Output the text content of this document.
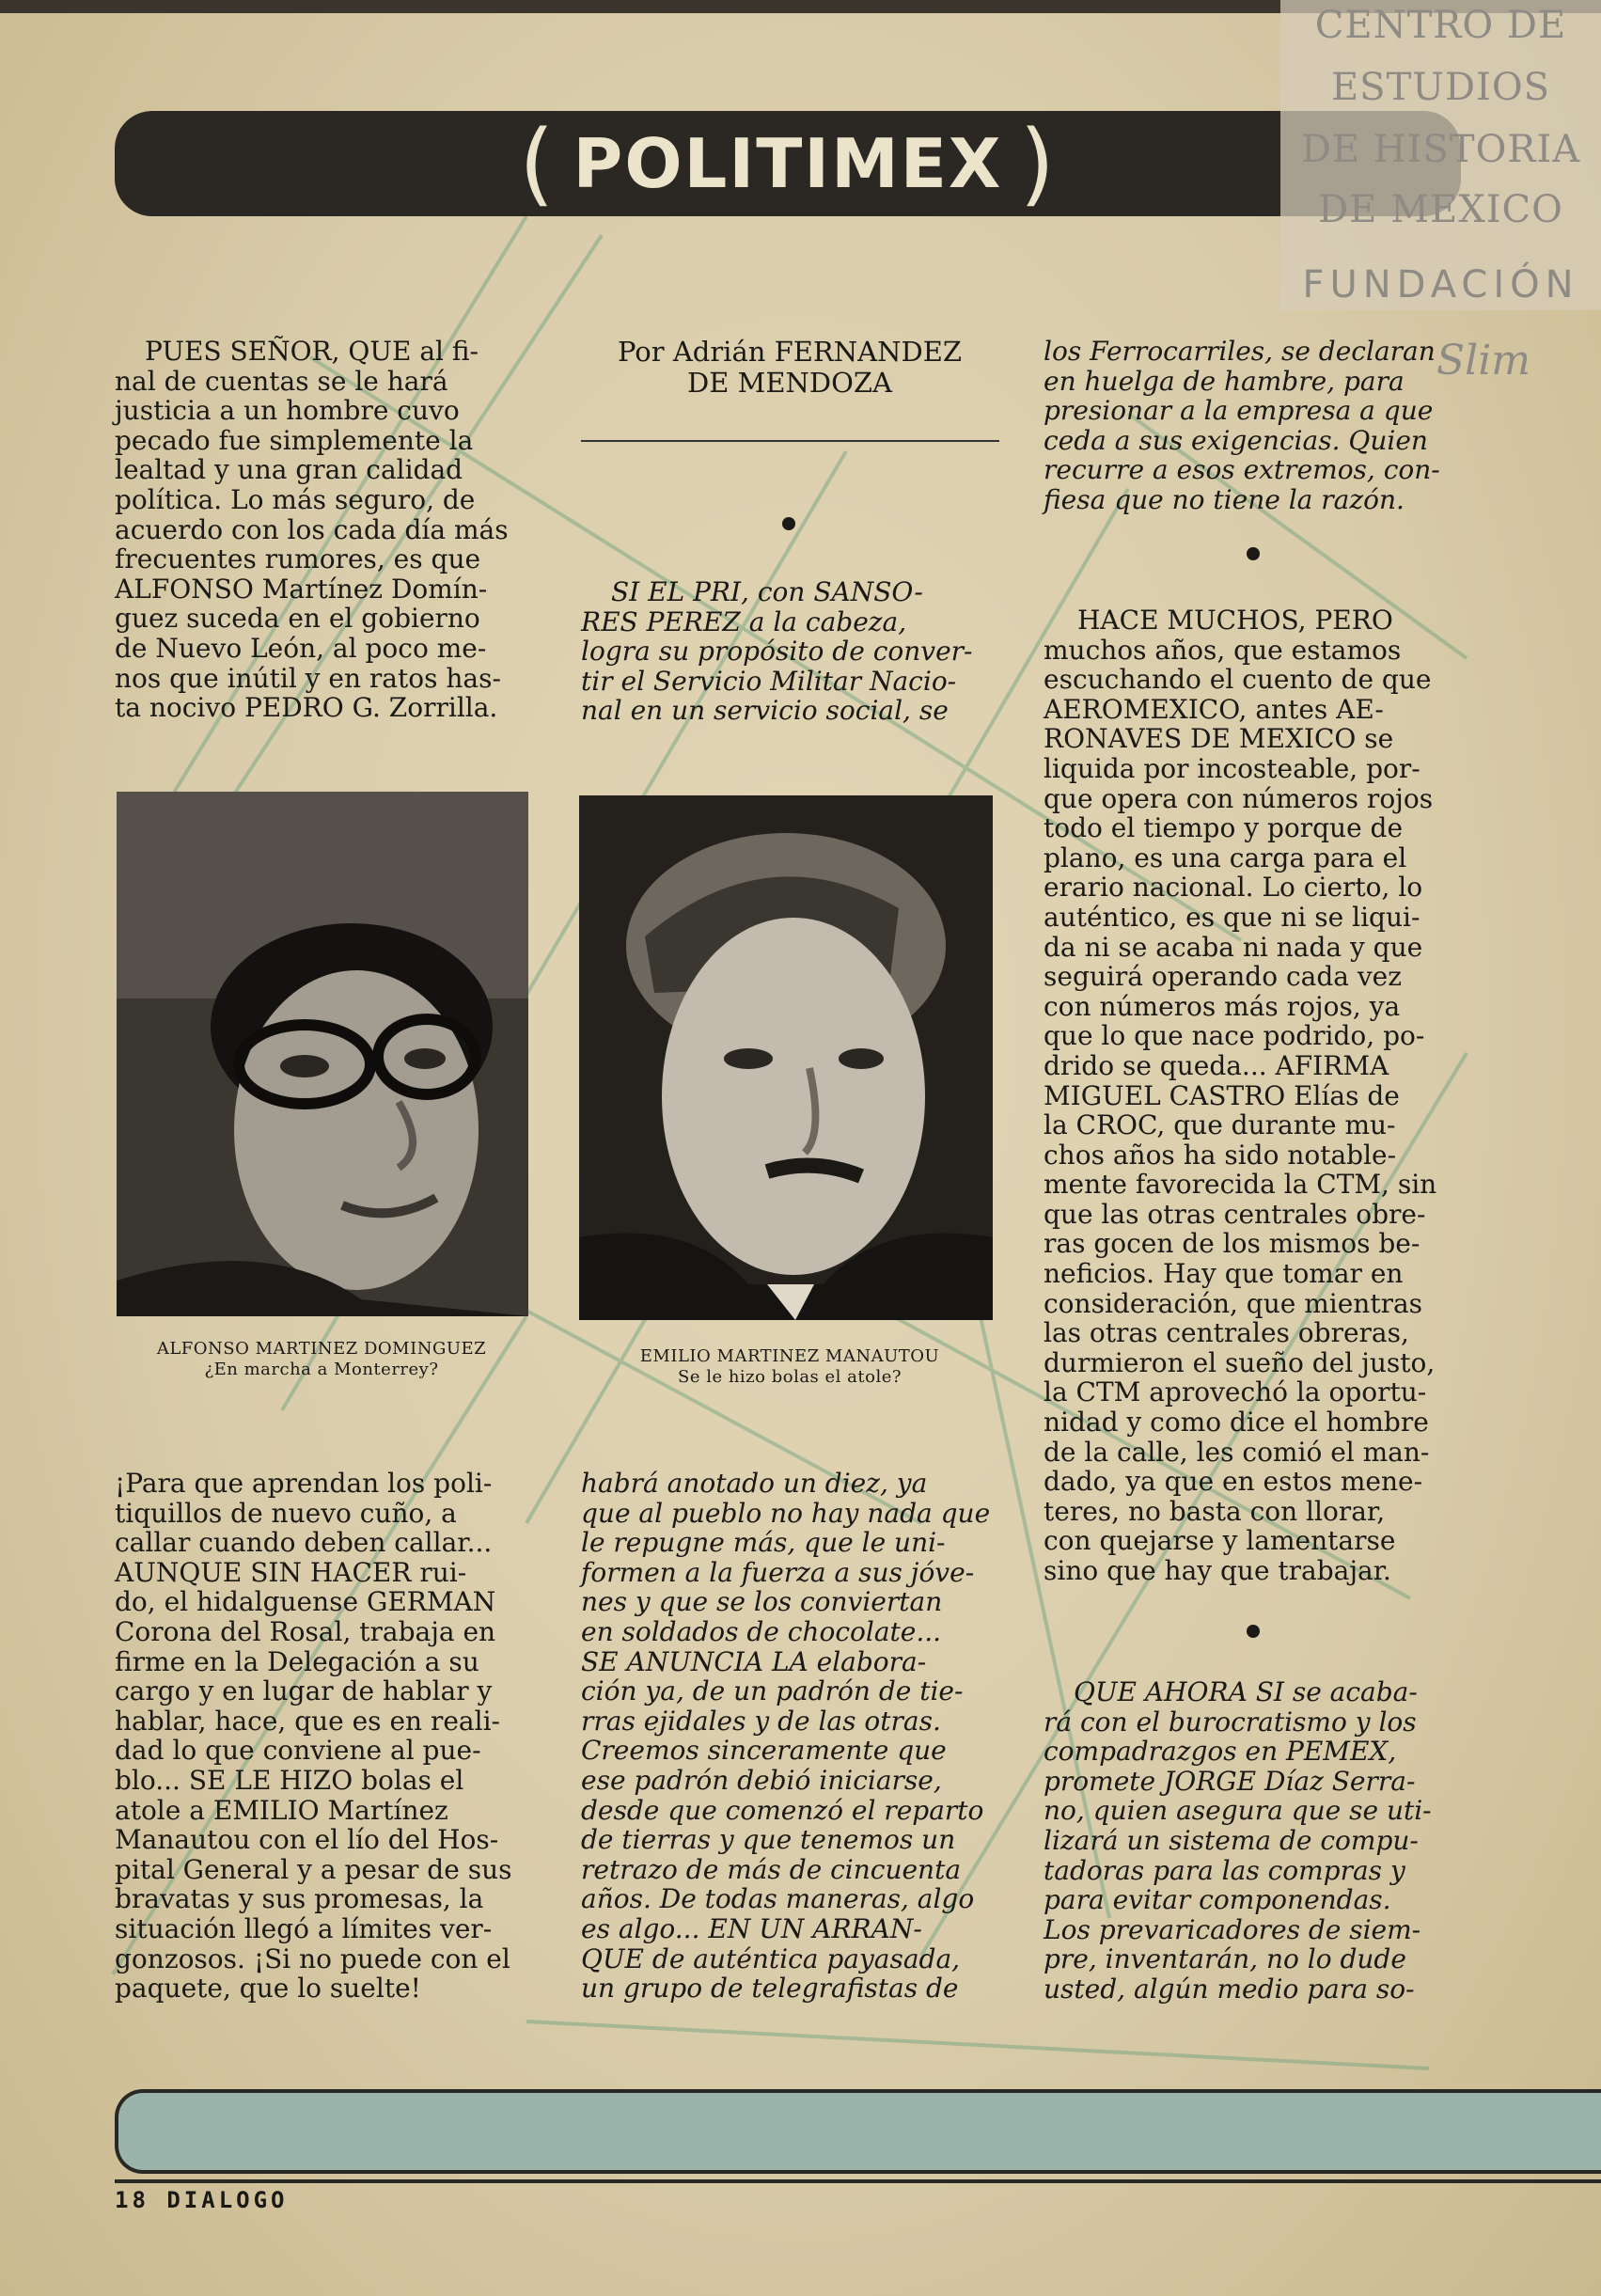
( POLITIMEX )
CENTRO DE
ESTUDIOS
DE HISTORIA
DE MEXICO
FUNDACIÓN
Slim

PUES SEÑOR, QUE al fi-

nal de cuentas se le hará

justicia a un hombre cuvo

pecado fue simplemente la

lealtad y una gran calidad

política. Lo más seguro, de

acuerdo con los cada día más

frecuentes rumores, es que

ALFONSO Martínez Domín-

guez suceda en el gobierno

de Nuevo León, al poco me-

nos que inútil y en ratos has-

ta nocivo PEDRO G. Zorrilla.

Por Adrián FERNANDEZ
DE MENDOZA

SI EL PRI, con SANSO-

RES PEREZ a la cabeza,

logra su propósito de conver-

tir el Servicio Militar Nacio-

nal en un servicio social, se

los Ferrocarriles, se declaran

en huelga de hambre, para

presionar a la empresa a que

ceda a sus exigencias. Quien

recurre a esos extremos, con-

fiesa que no tiene la razón.

HACE MUCHOS, PERO

muchos años, que estamos

escuchando el cuento de que

AEROMEXICO, antes AE-

RONAVES DE MEXICO se

liquida por incosteable, por-

que opera con números rojos

todo el tiempo y porque de

plano, es una carga para el

erario nacional. Lo cierto, lo

auténtico, es que ni se liqui-

da ni se acaba ni nada y que

seguirá operando cada vez

con números más rojos, ya

que lo que nace podrido, po-

drido se queda... AFIRMA

MIGUEL CASTRO Elías de

la CROC, que durante mu-

chos años ha sido notable-

mente favorecida la CTM, sin

que las otras centrales obre-

ras gocen de los mismos be-

neficios. Hay que tomar en

consideración, que mientras

las otras centrales obreras,

durmieron el sueño del justo,

la CTM aprovechó la oportu-

nidad y como dice el hombre

de la calle, les comió el man-

dado, ya que en estos mene-

teres, no basta con llorar,

con quejarse y lamentarse

sino que hay que trabajar.

ALFONSO MARTINEZ DOMINGUEZ
¿En marcha a Monterrey?
EMILIO MARTINEZ MANAUTOU
Se le hizo bolas el atole?

¡Para que aprendan los poli-

tiquillos de nuevo cuño, a

callar cuando deben callar...

AUNQUE SIN HACER rui-

do, el hidalguense GERMAN

Corona del Rosal, trabaja en

firme en la Delegación a su

cargo y en lugar de hablar y

hablar, hace, que es en reali-

dad lo que conviene al pue-

blo... SE LE HIZO bolas el

atole a EMILIO Martínez

Manautou con el lío del Hos-

pital General y a pesar de sus

bravatas y sus promesas, la

situación llegó a límites ver-

gonzosos. ¡Si no puede con el

paquete, que lo suelte!

habrá anotado un diez, ya

que al pueblo no hay nada que

le repugne más, que le uni-

formen a la fuerza a sus jóve-

nes y que se los conviertan

en soldados de chocolate...

SE ANUNCIA LA elabora-

ción ya, de un padrón de tie-

rras ejidales y de las otras.

Creemos sinceramente que

ese padrón debió iniciarse,

desde que comenzó el reparto

de tierras y que tenemos un

retrazo de más de cincuenta

años. De todas maneras, algo

es algo... EN UN ARRAN-

QUE de auténtica payasada,

un grupo de telegrafistas de

QUE AHORA SI se acaba-

rá con el burocratismo y los

compadrazgos en PEMEX,

promete JORGE Díaz Serra-

no, quien asegura que se uti-

lizará un sistema de compu-

tadoras para las compras y

para evitar componendas.

Los prevaricadores de siem-

pre, inventarán, no lo dude

usted, algún medio para so-

18 DIALOGO
